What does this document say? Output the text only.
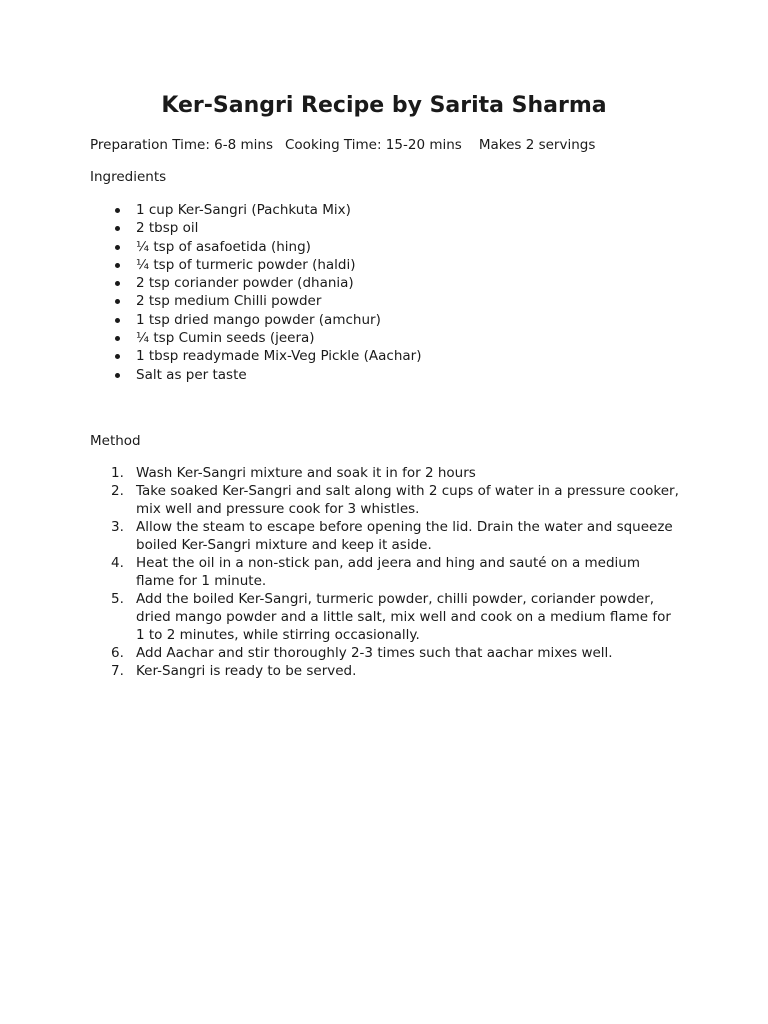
Ker-Sangri Recipe by Sarita Sharma

Preparation Time: 6-8 mins Cooking Time: 15-20 mins Makes 2 servings

Ingredients

1 cup Ker-Sangri (Pachkuta Mix)
2 tbsp oil
¼ tsp of asafoetida (hing)
¼ tsp of turmeric powder (haldi)
2 tsp coriander powder (dhania)
2 tsp medium Chilli powder
1 tsp dried mango powder (amchur)
¼ tsp Cumin seeds (jeera)
1 tbsp readymade Mix-Veg Pickle (Aachar)
Salt as per taste

Method

1. Wash Ker-Sangri mixture and soak it in for 2 hours
2. Take soaked Ker-Sangri and salt along with 2 cups of water in a pressure cooker, mix well and pressure cook for 3 whistles.
3. Allow the steam to escape before opening the lid. Drain the water and squeeze boiled Ker-Sangri mixture and keep it aside.
4. Heat the oil in a non-stick pan, add jeera and hing and sauté on a medium flame for 1 minute.
5. Add the boiled Ker-Sangri, turmeric powder, chilli powder, coriander powder, dried mango powder and a little salt, mix well and cook on a medium flame for 1 to 2 minutes, while stirring occasionally.
6. Add Aachar and stir thoroughly 2-3 times such that aachar mixes well.
7. Ker-Sangri is ready to be served.
